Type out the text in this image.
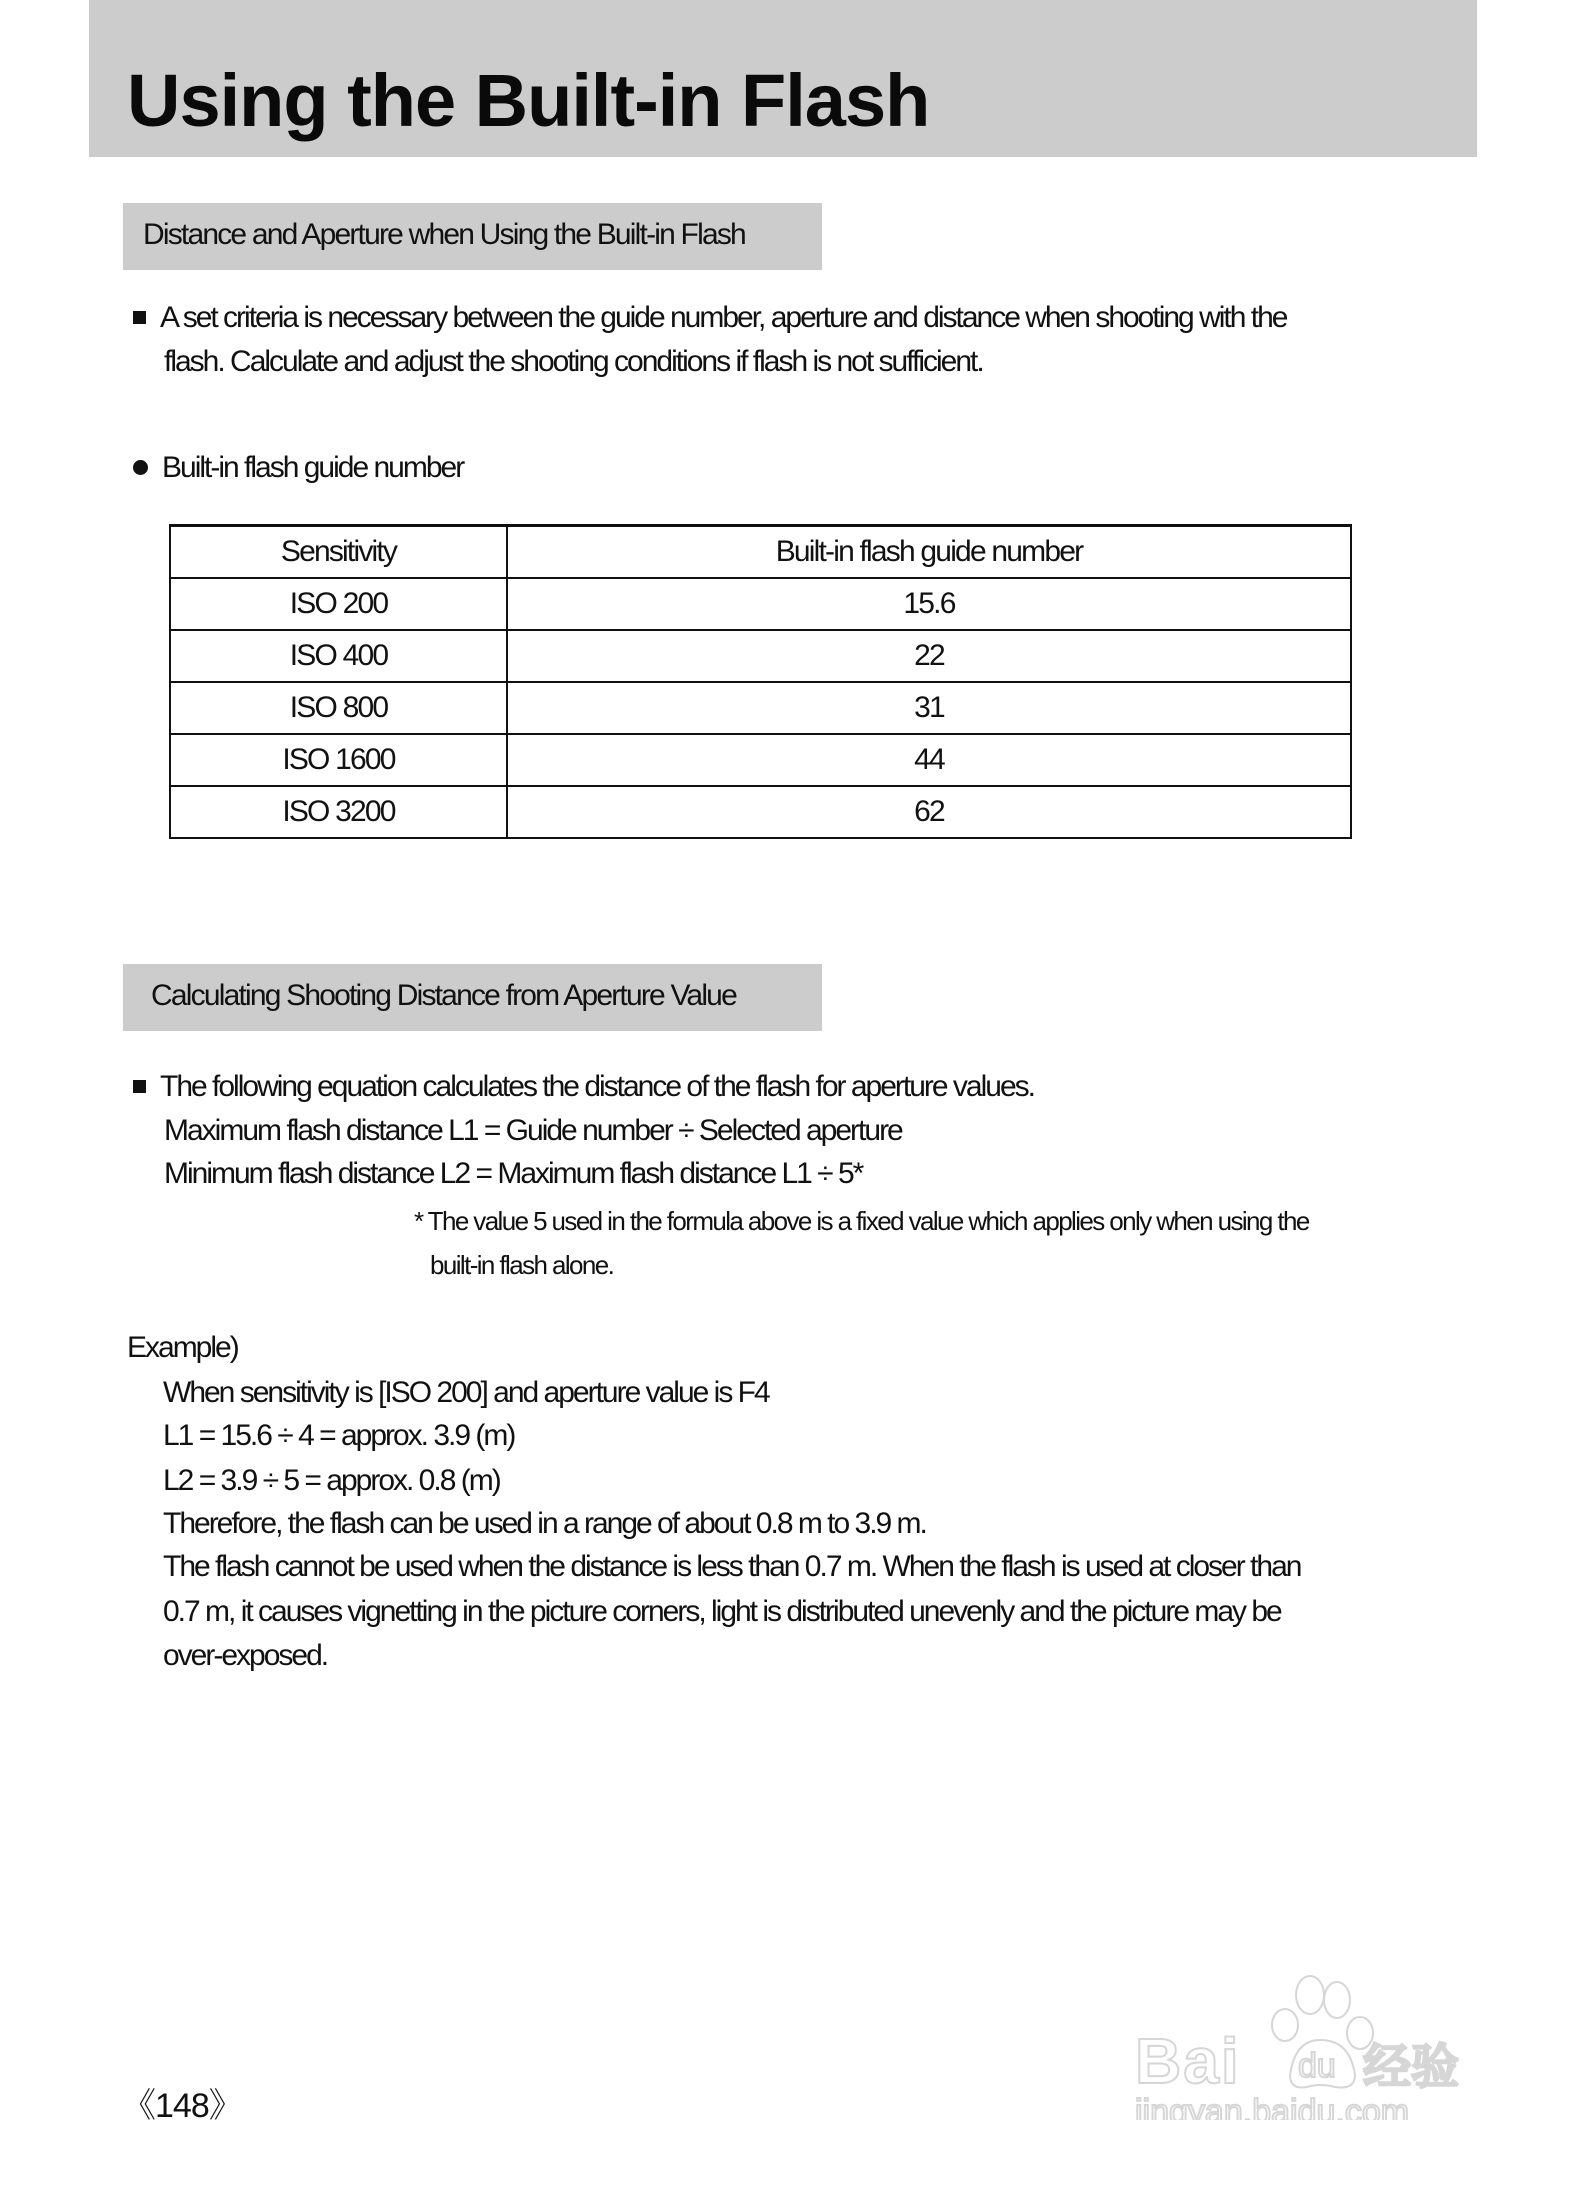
Using the Built-in Flash
Distance and Aperture when Using the Built-in Flash
A set criteria is necessary between the guide number, aperture and distance when shooting with the
flash. Calculate and adjust the shooting conditions if flash is not sufficient.
Built-in flash guide number
Sensitivity	Built-in flash guide number
ISO 200	15.6
ISO 400	22
ISO 800	31
ISO 1600	44
ISO 3200	62
Calculating Shooting Distance from Aperture Value
The following equation calculates the distance of the flash for aperture values.
Maximum flash distance L1 = Guide number ÷ Selected aperture
Minimum flash distance L2 = Maximum flash distance L1 ÷ 5*
* The value 5 used in the formula above is a fixed value which applies only when using the
built-in flash alone.
Example)
When sensitivity is [ISO 200] and aperture value is F4
L1 = 15.6 ÷ 4 = approx. 3.9 (m)
L2 = 3.9 ÷ 5 = approx. 0.8 (m)
Therefore, the flash can be used in a range of about 0.8 m to 3.9 m.
The flash cannot be used when the distance is less than 0.7 m. When the flash is used at closer than
0.7 m, it causes vignetting in the picture corners, light is distributed unevenly and the picture may be
over-exposed.
《148》
Bai du 经验
jingyan.baidu.com
